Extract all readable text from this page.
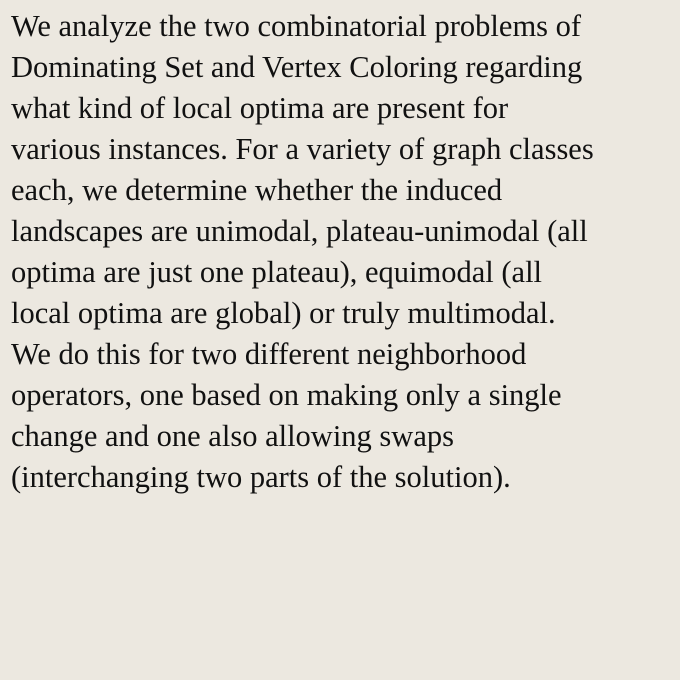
We analyze the two combinatorial problems of
Dominating Set and Vertex Coloring regarding
what kind of local optima are present for
various instances. For a variety of graph classes
each, we determine whether the induced
landscapes are unimodal, plateau-unimodal (all
optima are just one plateau), equimodal (all
local optima are global) or truly multimodal.
We do this for two different neighborhood
operators, one based on making only a single
change and one also allowing swaps
(interchanging two parts of the solution).
